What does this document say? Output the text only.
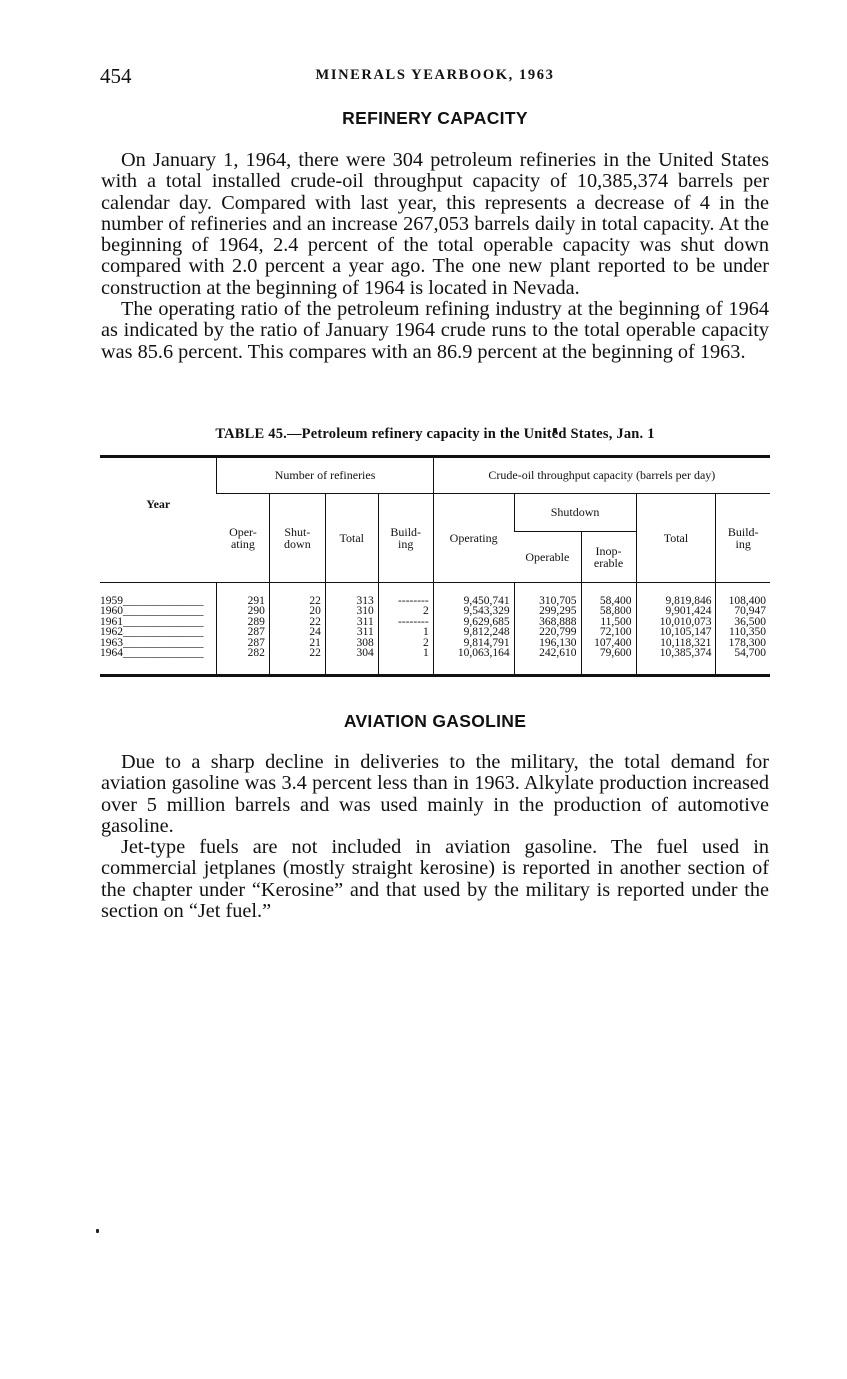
454	MINERALS YEARBOOK, 1963
REFINERY CAPACITY

On January 1, 1964, there were 304 petroleum refineries in the United States with a total installed crude-oil throughput capacity of 10,385,374 barrels per calendar day. Compared with last year, this represents a decrease of 4 in the number of refineries and an increase 267,053 barrels daily in total capacity. At the beginning of 1964, 2.4 percent of the total operable capacity was shut down compared with 2.0 percent a year ago. The one new plant reported to be under construction at the beginning of 1964 is located in Nevada.

The operating ratio of the petroleum refining industry at the beginning of 1964 as indicated by the ratio of January 1964 crude runs to the total operable capacity was 85.6 percent. This compares with an 86.9 percent at the beginning of 1963.

TABLE 45.—Petroleum refinery capacity in the United States, Jan. 1
Year	Number of refineries				Crude-oil throughput capacity (barrels per day)				
	Oper-ating	Shut-down	Total	Build-ing	Operating	Shutdown		Total	Build-ing
						Operable	Inop-erable		
1959______________	291	22	313	--------	9,450,741	310,705	58,400	9,819,846	108,400
1960______________	290	20	310	2	9,543,329	299,295	58,800	9,901,424	70,947
1961______________	289	22	311	--------	9,629,685	368,888	11,500	10,010,073	36,500
1962______________	287	24	311	1	9,812,248	220,799	72,100	10,105,147	110,350
1963______________	287	21	308	2	9,814,791	196,130	107,400	10,118,321	178,300
1964______________	282	22	304	1	10,063,164	242,610	79,600	10,385,374	54,700
AVIATION GASOLINE

Due to a sharp decline in deliveries to the military, the total demand for aviation gasoline was 3.4 percent less than in 1963. Alkylate production increased over 5 million barrels and was used mainly in the production of automotive gasoline.

Jet-type fuels are not included in aviation gasoline. The fuel used in commercial jetplanes (mostly straight kerosine) is reported in another section of the chapter under “Kerosine” and that used by the military is reported under the section on “Jet fuel.”
